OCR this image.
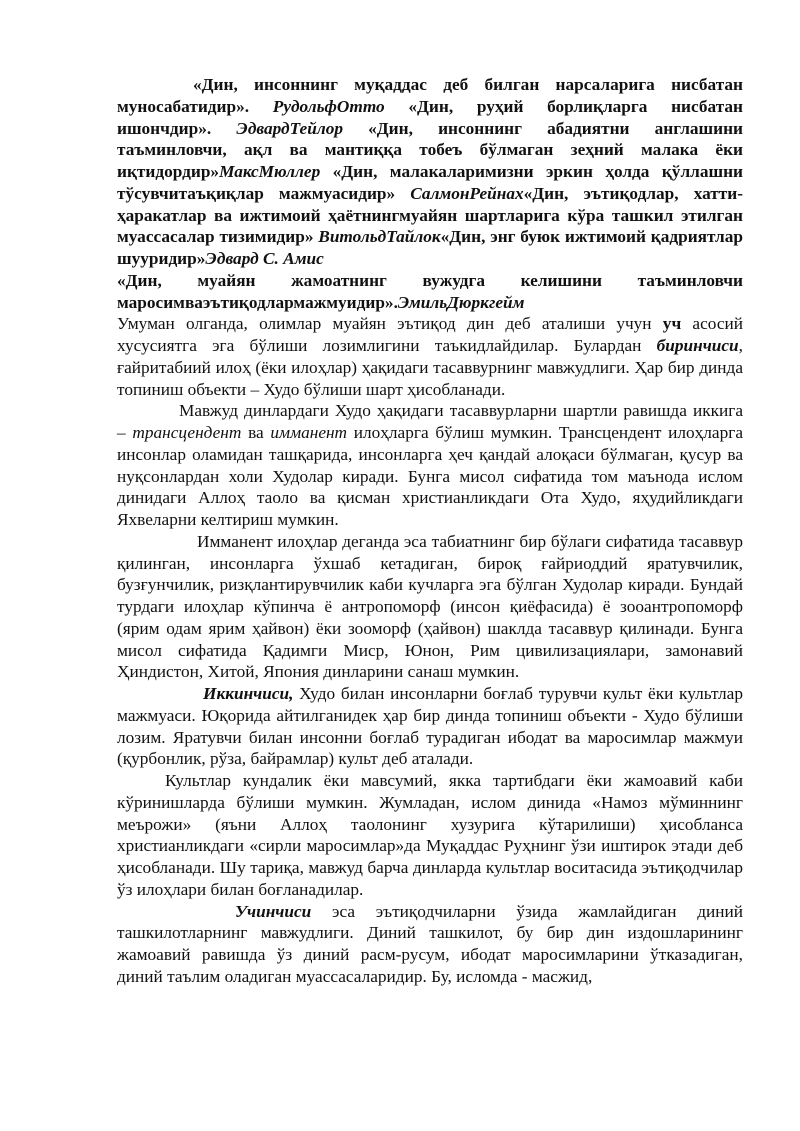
«Дин, инсоннинг муқаддас деб билган нарсаларига нисбатан муносабатидир». РудольфОтто «Дин, руҳий борлиқларга нисбатан ишончдир». ЭдвардТейлор «Дин, инсоннинг абадиятни англашини таъминловчи, ақл ва мантиққа тобеъ бўлмаган зеҳний малака ёки иқтидордир»МаксМюллер «Дин, малакаларимизни эркин ҳолда қўллашни тўсувчитаъқиқлар мажмуасидир» СалмонРейнах«Дин, эътиқодлар, хатти-ҳаракатлар ва ижтимоий ҳаётнингмуайян шартларига кўра ташкил этилган муассасалар тизимидир» ВитольдТайлок«Дин, энг буюк ижтимоий қадриятлар шууридир»Эдвард С. Амис

«Дин, муайян жамоатнинг вужудга келишини таъминловчи маросимваэътиқодлармажмуидир».ЭмильДюркгейм

Умуман олганда, олимлар муайян эътиқод дин деб аталиши учун уч асосий хусусиятга эга бўлиши лозимлигини таъкидлайдилар. Булардан биринчиси, ғайритабиий илоҳ (ёки илоҳлар) ҳақидаги тасаввурнинг мавжудлиги. Ҳар бир динда топиниш объекти – Худо бўлиши шарт ҳисобланади.

Мавжуд динлардаги Худо ҳақидаги тасаввурларни шартли равишда иккига – трансцендент ва имманент илоҳларга бўлиш мумкин. Трансцендент илоҳларга инсонлар оламидан ташқарида, инсонларга ҳеч қандай алоқаси бўлмаган, қусур ва нуқсонлардан холи Худолар киради. Бунга мисол сифатида том маънода ислом динидаги Аллоҳ таоло ва қисман христианликдаги Ота Худо, яҳудийликдаги Яхвеларни келтириш мумкин.

Имманент илоҳлар деганда эса табиатнинг бир бўлаги сифатида тасаввур қилинган, инсонларга ўхшаб кетадиган, бироқ ғайриоддий яратувчилик, бузғунчилик, ризқлантирувчилик каби кучларга эга бўлган Худолар киради. Бундай турдаги илоҳлар кўпинча ё антропоморф (инсон қиёфасида) ё зооантропоморф (ярим одам ярим ҳайвон) ёки зооморф (ҳайвон) шаклда тасаввур қилинади. Бунга мисол сифатида Қадимги Миср, Юнон, Рим цивилизациялари, замонавий Ҳиндистон, Хитой, Япония динларини санаш мумкин.

Иккинчиси, Худо билан инсонларни боғлаб турувчи культ ёки культлар мажмуаси. Юқорида айтилганидек ҳар бир динда топиниш объекти - Худо бўлиши лозим. Яратувчи билан инсонни боғлаб турадиган ибодат ва маросимлар мажмуи (қурбонлик, рўза, байрамлар) культ деб аталади.

Культлар кундалик ёки мавсумий, якка тартибдаги ёки жамоавий каби кўринишларда бўлиши мумкин. Жумладан, ислом динида «Намоз мўминнинг меърожи» (яъни Аллоҳ таолонинг хузурига кўтарилиши) ҳисобланса христианликдаги «сирли маросимлар»да Муқаддас Руҳнинг ўзи иштирок этади деб ҳисобланади. Шу тариқа, мавжуд барча динларда культлар воситасида эътиқодчилар ўз илоҳлари билан боғланадилар.

Учинчиси эса эътиқодчиларни ўзида жамлайдиган диний ташкилотларнинг мавжудлиги. Диний ташкилот, бу бир дин издошларининг жамоавий равишда ўз диний расм-русум, ибодат маросимларини ўтказадиган, диний таълим оладиган муассасаларидир. Бу, исломда - масжид,
